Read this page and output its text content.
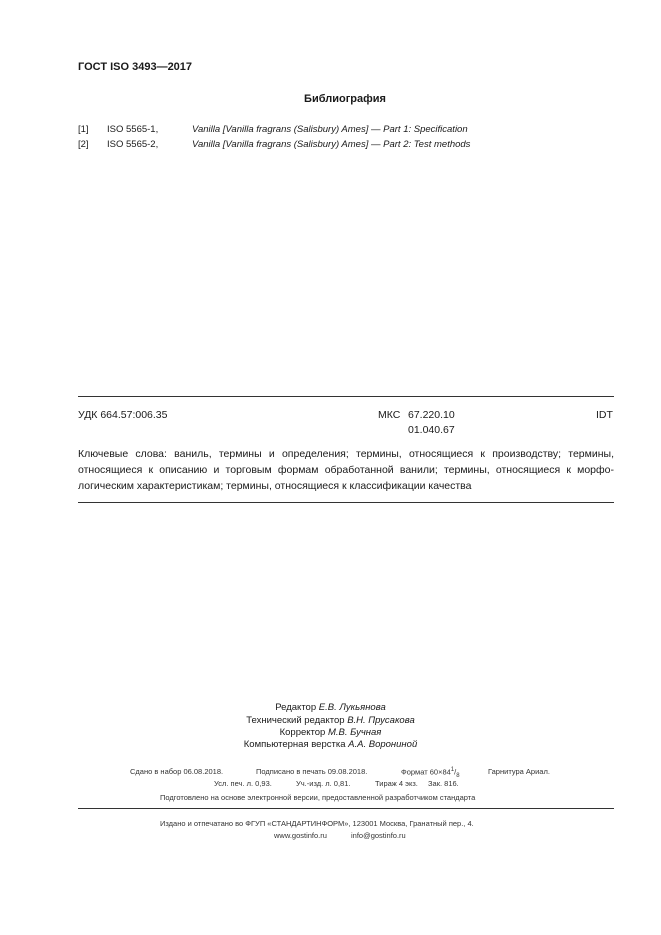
ГОСТ ISO 3493—2017
Библиография
[1] ISO 5565-1,	Vanilla [Vanilla fragrans (Salisbury) Ames] — Part 1: Specification
[2] ISO 5565-2,	Vanilla [Vanilla fragrans (Salisbury) Ames] — Part 2: Test methods
УДК 664.57:006.35	МКС 67.220.10
01.040.67
IDT
Ключевые слова: ваниль, термины и определения; термины, относящиеся к производству; термины,
относящиеся к описанию и торговым формам обработанной ванили; термины, относящиеся к морфо-
логическим характеристикам; термины, относящиеся к классификации качества
Редактор Е.В. Лукьянова
Технический редактор В.Н. Прусакова
Корректор М.В. Бучная
Компьютерная верстка А.А. Ворониной
Сдано в набор 06.08.2018.	Подписано в печать 09.08.2018.	Формат $60\times 84^1/_8$	Гарнитура Ариал.
Усл. печ. л. 0,93.	Уч.-изд. л. 0,81.	Тираж 4 экз. Зак. 816.
Подготовлено на основе электронной версии, предоставленной разработчиком стандарта
Издано и отпечатано во ФГУП «СТАНДАРТИНФОРМ», 123001 Москва, Гранатный пер., 4.
www.gostinfo.ru	info@gostinfo.ru
